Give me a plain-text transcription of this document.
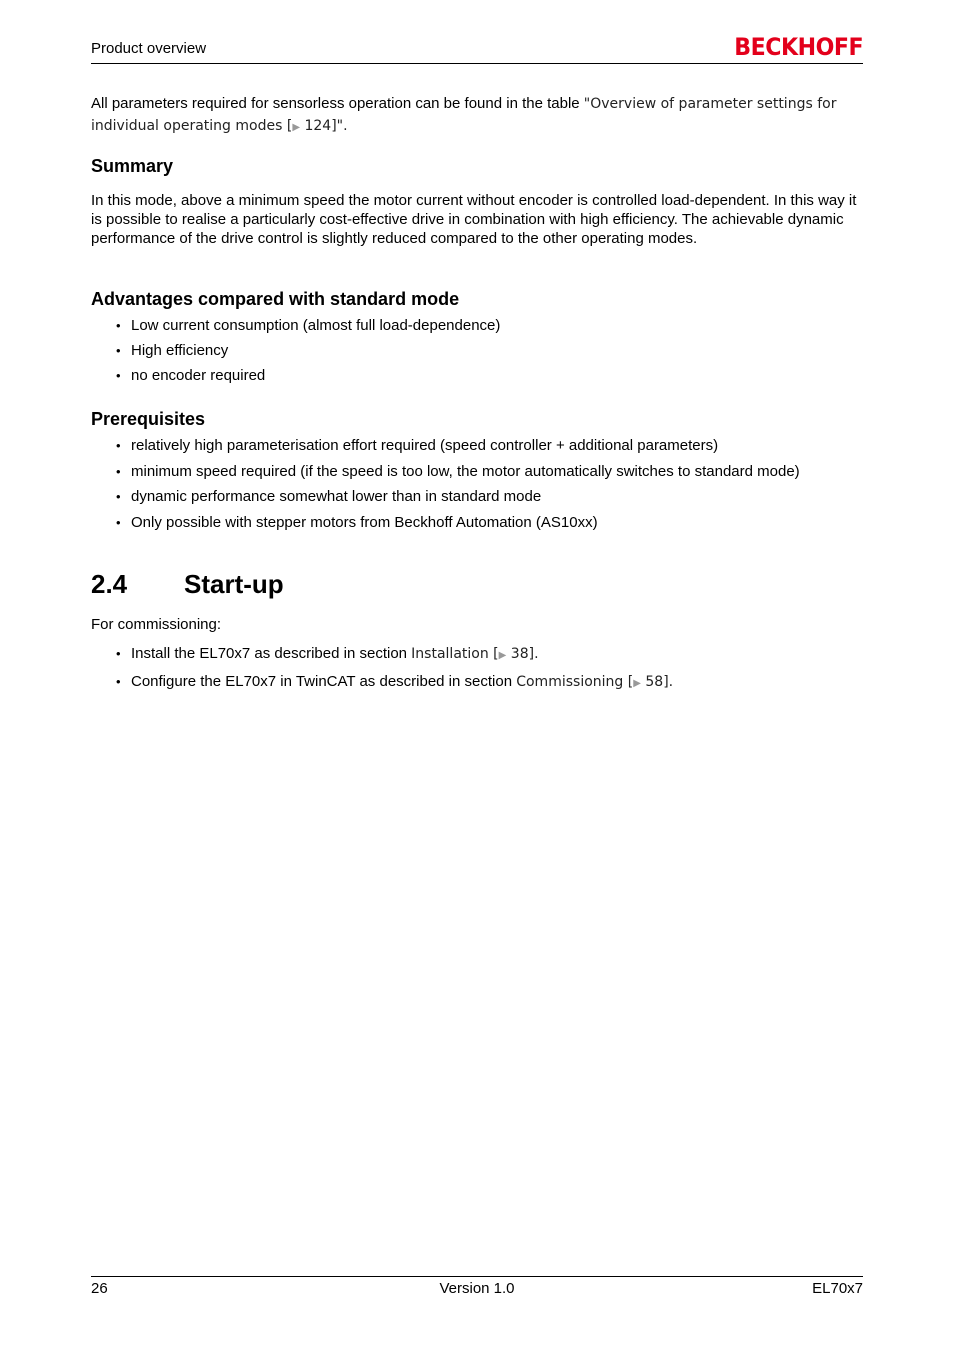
Product overview	BECKHOFF
All parameters required for sensorless operation can be found in the table "Overview of parameter settings for individual operating modes [▶ 124]".
Summary
In this mode, above a minimum speed the motor current without encoder is controlled load-dependent. In this way it is possible to realise a particularly cost-effective drive in combination with high efficiency. The achievable dynamic performance of the drive control is slightly reduced compared to the other operating modes.
Advantages compared with standard mode
• Low current consumption (almost full load-dependence)
• High efficiency
• no encoder required
Prerequisites
• relatively high parameterisation effort required (speed controller + additional parameters)
• minimum speed required (if the speed is too low, the motor automatically switches to standard mode)
• dynamic performance somewhat lower than in standard mode
• Only possible with stepper motors from Beckhoff Automation (AS10xx)
2.4 Start-up
For commissioning:
• Install the EL70x7 as described in section Installation [▶ 38].
• Configure the EL70x7 in TwinCAT as described in section Commissioning [▶ 58].
26	Version 1.0	EL70x7
